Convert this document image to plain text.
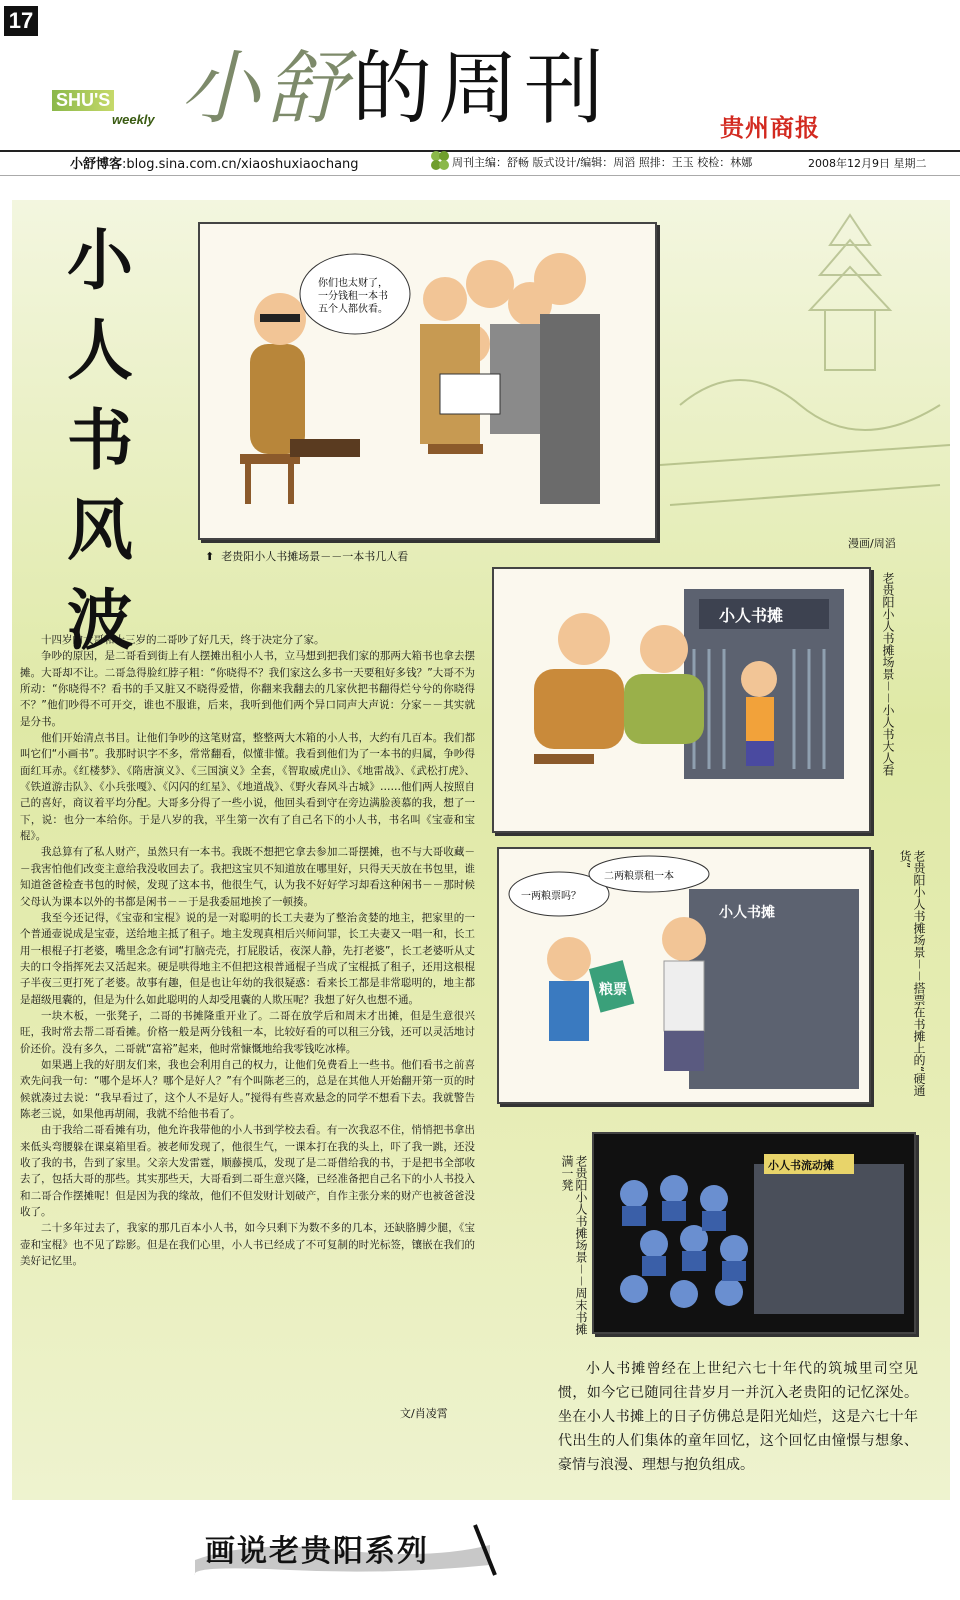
17
SHU'S
weekly 小舒的周刊	贵州商报
小舒博客:blog.sina.com.cn/xiaoshuxiaochang	周刊主编：舒畅 版式设计/编辑：周滔 照排：王玉 校检：林娜	2008年12月9日 星期二
小
人
书
风
波
你们也太财了，一分钱租一本书五个人都伙看。
⬆ 老贵阳小人书摊场景－－一本书几人看
漫画/周滔
小人书摊	老贵阳小人书摊场景－－小人书大人看
小人书摊
一两粮票吗？
二两粮票租一本
粮票	老贵阳小人书摊场景－－搭票在书摊上的“硬通货”
小人书流动摊
老贵阳小人书摊场景－－周末书摊满一凳

十四岁的大哥和十三岁的二哥吵了好几天，终于决定分了家。

争吵的原因，是二哥看到街上有人摆摊出租小人书，立马想到把我们家的那两大箱书也拿去摆摊。大哥却不让。二哥急得脸红脖子粗：“你晓得不？我们家这么多书一天要租好多钱？”大哥不为所动：“你晓得不？看书的手又脏又不晓得爱惜，你翻来我翻去的几家伙把书翻得烂兮兮的你晓得不？”他们吵得不可开交，谁也不服谁，后来，我听到他们两个异口同声大声说：分家－－其实就是分书。

他们开始清点书目。让他们争吵的这笔财富，整整两大木箱的小人书，大约有几百本。我们都叫它们“小画书”。我那时识字不多，常常翻看，似懂非懂。我看到他们为了一本书的归属，争吵得面红耳赤。《红楼梦》、《隋唐演义》、《三国演义》全套，《智取威虎山》、《地雷战》、《武松打虎》、《铁道游击队》、《小兵张嘎》、《闪闪的红星》、《地道战》、《野火春风斗古城》……他们两人按照自己的喜好，商议着平均分配。大哥多分得了一些小说，他回头看到守在旁边满脸羡慕的我，想了一下，说：也分一本给你。于是八岁的我，平生第一次有了自己名下的小人书，书名叫《宝壶和宝棍》。

我总算有了私人财产，虽然只有一本书。我既不想把它拿去参加二哥摆摊，也不与大哥收藏－－我害怕他们改变主意给我没收回去了。我把这宝贝不知道放在哪里好，只得天天放在书包里，谁知道爸爸检查书包的时候，发现了这本书，他很生气，认为我不好好学习却看这种闲书－－那时候父母认为课本以外的书都是闲书－－于是我委屈地挨了一顿揍。

我至今还记得，《宝壶和宝棍》说的是一对聪明的长工夫妻为了整治贪婪的地主，把家里的一个普通壶说成是宝壶，送给地主抵了租子。地主发现真相后兴师问罪，长工夫妻又一唱一和，长工用一根棍子打老婆，嘴里念念有词“打脑壳壳，打屁股话，夜深人静，先打老婆”，长工老婆听从丈夫的口令指挥死去又活起来。硬是哄得地主不但把这根普通棍子当成了宝棍抵了租子，还用这根棍子半夜三更打死了老婆。故事有趣，但是也让年幼的我很疑惑：看来长工都是非常聪明的，地主都是超级甩囊的，但是为什么如此聪明的人却受甩囊的人欺压呢？我想了好久也想不通。

一块木板，一张凳子，二哥的书摊隆重开业了。二哥在放学后和周末才出摊，但是生意很兴旺，我时常去帮二哥看摊。价格一般是两分钱租一本，比较好看的可以租三分钱，还可以灵活地讨价还价。没有多久，二哥就“富裕”起来，他时常慷慨地给我零钱吃冰棒。

如果遇上我的好朋友们来，我也会利用自己的权力，让他们免费看上一些书。他们看书之前喜欢先问我一句：“哪个是坏人？哪个是好人？”有个叫陈老三的，总是在其他人开始翻开第一页的时候就凑过去说：“我早看过了，这个人不是好人。”搅得有些喜欢悬念的同学不想看下去。我就警告陈老三说，如果他再胡闹，我就不给他书看了。

由于我给二哥看摊有功，他允许我带他的小人书到学校去看。有一次我忍不住，悄悄把书拿出来低头弯腰躲在课桌箱里看。被老师发现了，他很生气，一课本打在我的头上，吓了我一跳，还没收了我的书，告到了家里。父亲大发雷霆，顺藤摸瓜，发现了是二哥借给我的书，于是把书全部收去了，包括大哥的那些。其实那些天，大哥看到二哥生意兴隆，已经准备把自己名下的小人书投入和二哥合作摆摊呢！但是因为我的缘故，他们不但发财计划破产，自作主张分来的财产也被爸爸没收了。

二十多年过去了，我家的那几百本小人书，如今只剩下为数不多的几本，还缺胳膊少腿，《宝壶和宝棍》也不见了踪影。但是在我们心里，小人书已经成了不可复制的时光标签，镶嵌在我们的美好记忆里。

文/肖凌霄

小人书摊曾经在上世纪六七十年代的筑城里司空见惯，如今它已随同往昔岁月一并沉入老贵阳的记忆深处。坐在小人书摊上的日子仿佛总是阳光灿烂，这是六七十年代出生的人们集体的童年回忆，这个回忆由憧憬与想象、豪情与浪漫、理想与抱负组成。

画说老贵阳系列
